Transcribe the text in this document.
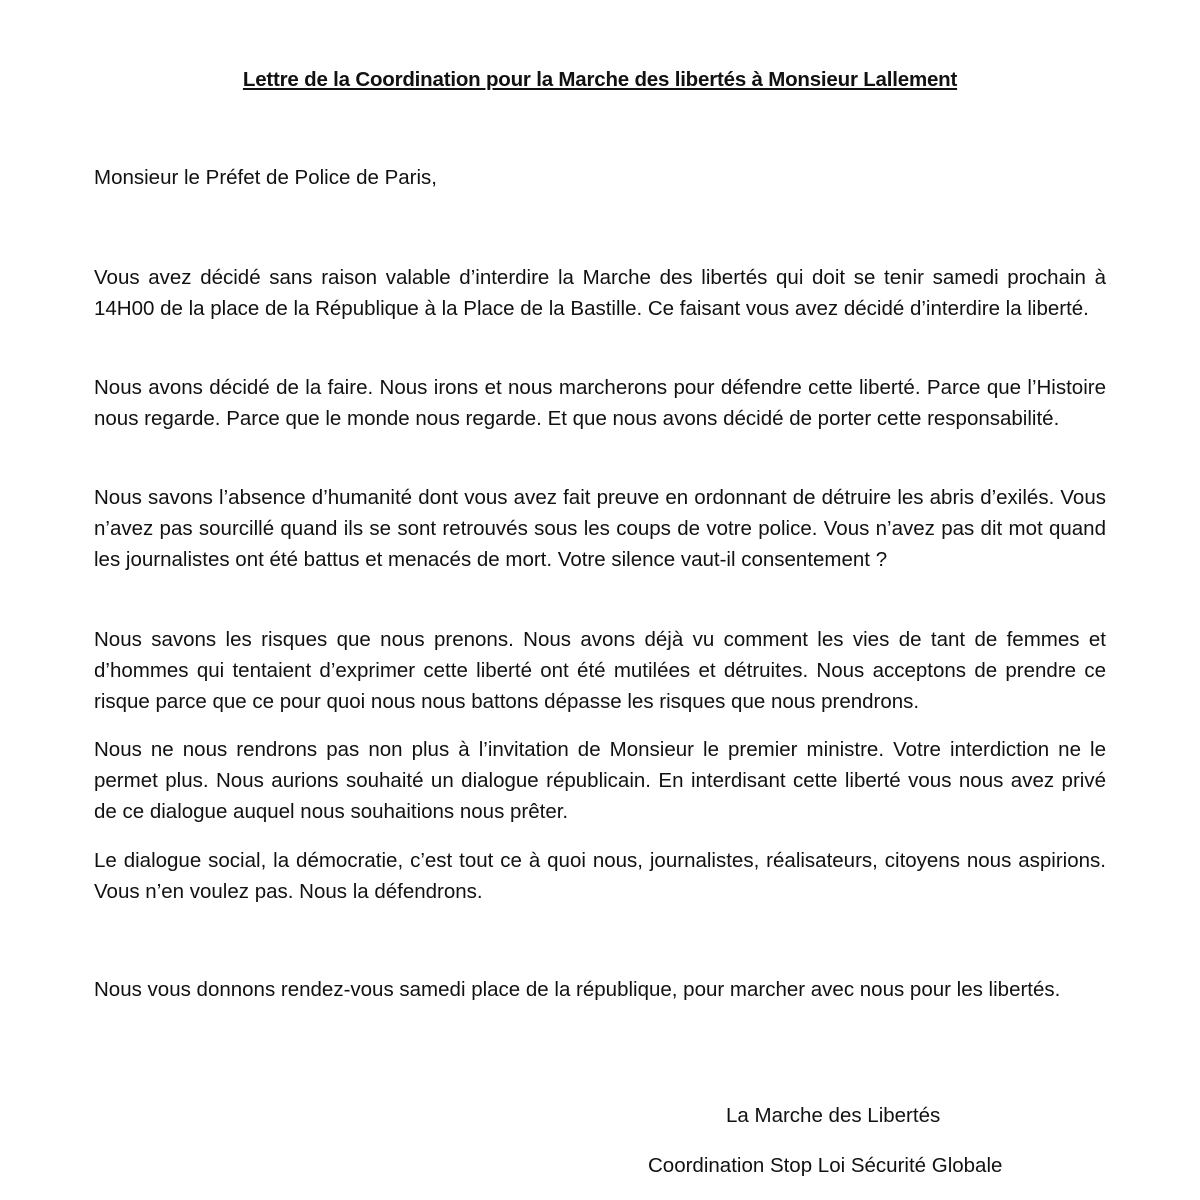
Lettre de la Coordination pour la Marche des libertés à Monsieur Lallement

Monsieur le Préfet de Police de Paris,

Vous avez décidé sans raison valable d’interdire la Marche des libertés qui doit se tenir samedi prochain à 14H00 de la place de la République à la Place de la Bastille. Ce faisant vous avez décidé d’interdire la liberté.

Nous avons décidé de la faire. Nous irons et nous marcherons pour défendre cette liberté. Parce que l’Histoire nous regarde. Parce que le monde nous regarde. Et que nous avons décidé de porter cette responsabilité.

Nous savons l’absence d’humanité dont vous avez fait preuve en ordonnant de détruire les abris d’exilés. Vous n’avez pas sourcillé quand ils se sont retrouvés sous les coups de votre police. Vous n’avez pas dit mot quand les journalistes ont été battus et menacés de mort. Votre silence vaut-il consentement ?

Nous savons les risques que nous prenons. Nous avons déjà vu comment les vies de tant de femmes et d’hommes qui tentaient d’exprimer cette liberté ont été mutilées et détruites. Nous acceptons de prendre ce risque parce que ce pour quoi nous nous battons dépasse les risques que nous prendrons.

Nous ne nous rendrons pas non plus à l’invitation de Monsieur le premier ministre. Votre interdiction ne le permet plus. Nous aurions souhaité un dialogue républicain. En interdisant cette liberté vous nous avez privé de ce dialogue auquel nous souhaitions nous prêter.

Le dialogue social, la démocratie, c’est tout ce à quoi nous, journalistes, réalisateurs, citoyens nous aspirions. Vous n’en voulez pas. Nous la défendrons.

Nous vous donnons rendez-vous samedi place de la république, pour marcher avec nous pour les libertés.

La Marche des Libertés

Coordination Stop Loi Sécurité Globale
